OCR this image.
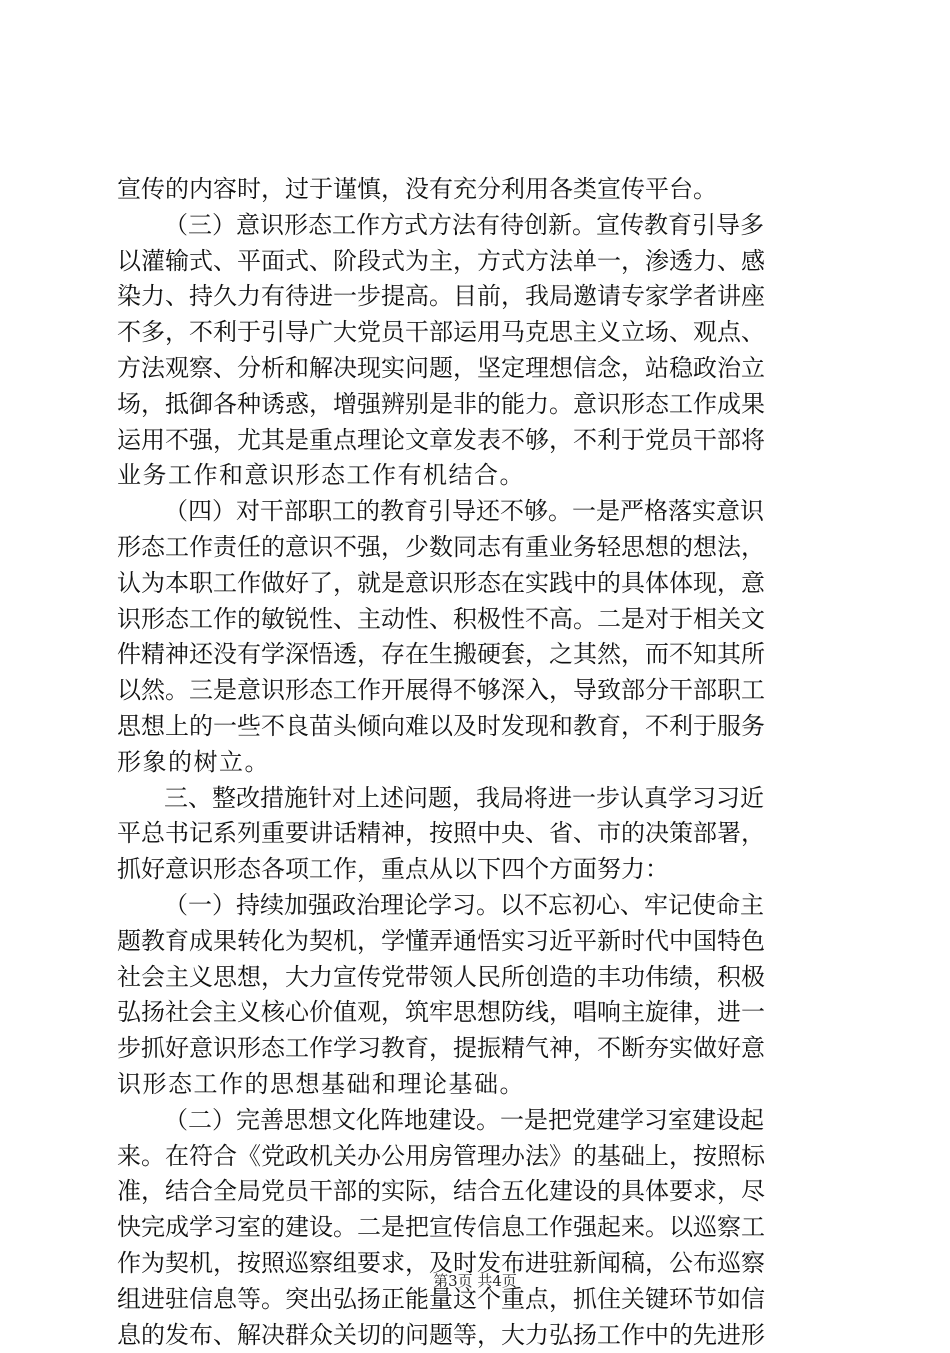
宣传的内容时，过于谨慎，没有充分利用各类宣传平台。
（三）意识形态工作方式方法有待创新。宣传教育引导多
以灌输式、平面式、阶段式为主，方式方法单一，渗透力、感
染力、持久力有待进一步提高。目前，我局邀请专家学者讲座
不多，不利于引导广大党员干部运用马克思主义立场、观点、
方法观察、分析和解决现实问题，坚定理想信念，站稳政治立
场，抵御各种诱惑，增强辨别是非的能力。意识形态工作成果
运用不强，尤其是重点理论文章发表不够，不利于党员干部将
业务工作和意识形态工作有机结合。
（四）对干部职工的教育引导还不够。一是严格落实意识
形态工作责任的意识不强，少数同志有重业务轻思想的想法，
认为本职工作做好了，就是意识形态在实践中的具体体现，意
识形态工作的敏锐性、主动性、积极性不高。二是对于相关文
件精神还没有学深悟透，存在生搬硬套，之其然，而不知其所
以然。三是意识形态工作开展得不够深入，导致部分干部职工
思想上的一些不良苗头倾向难以及时发现和教育，不利于服务
形象的树立。
三、整改措施针对上述问题，我局将进一步认真学习习近
平总书记系列重要讲话精神，按照中央、省、市的决策部署，
抓好意识形态各项工作，重点从以下四个方面努力：
（一）持续加强政治理论学习。以不忘初心、牢记使命主
题教育成果转化为契机，学懂弄通悟实习近平新时代中国特色
社会主义思想，大力宣传党带领人民所创造的丰功伟绩，积极
弘扬社会主义核心价值观，筑牢思想防线，唱响主旋律，进一
步抓好意识形态工作学习教育，提振精气神，不断夯实做好意
识形态工作的思想基础和理论基础。
（二）完善思想文化阵地建设。一是把党建学习室建设起
来。在符合《党政机关办公用房管理办法》的基础上，按照标
准，结合全局党员干部的实际，结合五化建设的具体要求，尽
快完成学习室的建设。二是把宣传信息工作强起来。以巡察工
作为契机，按照巡察组要求，及时发布进驻新闻稿，公布巡察
组进驻信息等。突出弘扬正能量这个重点，抓住关键环节如信
息的发布、解决群众关切的问题等，大力弘扬工作中的先进形
第3页 共4页
